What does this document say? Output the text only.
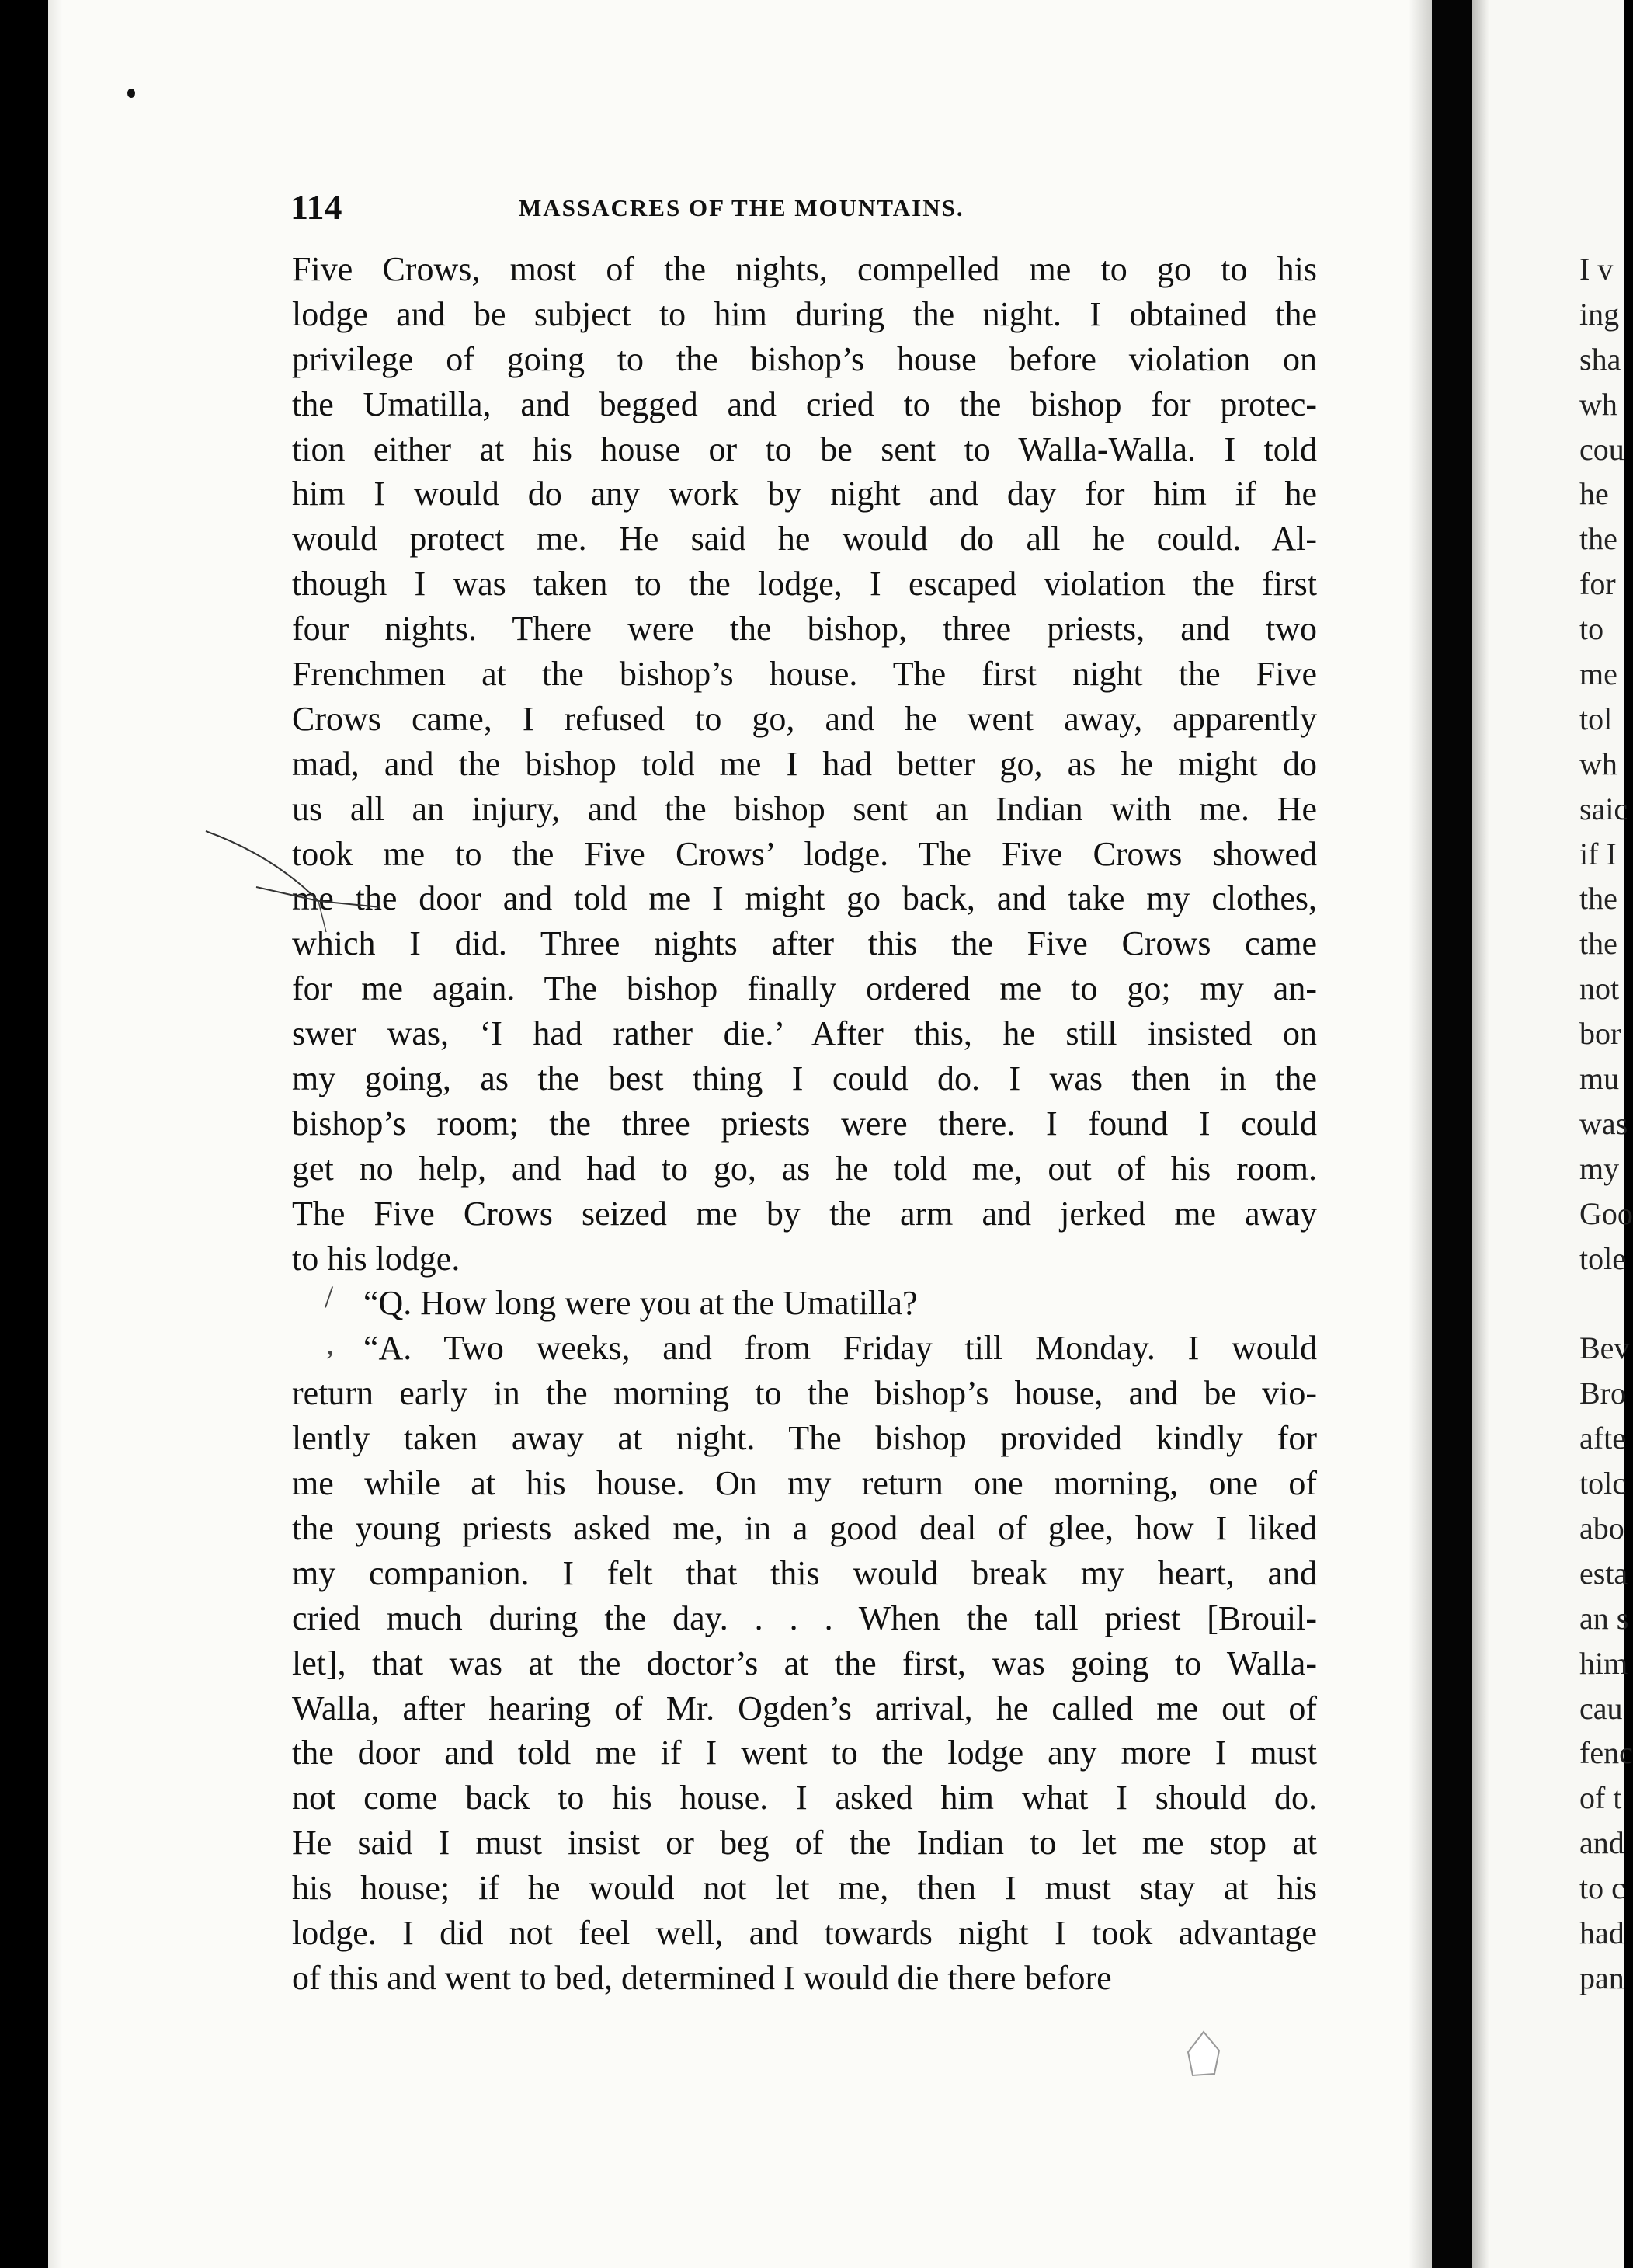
114	MASSACRES OF THE MOUNTAINS.
Five Crows, most of the nights, compelled me to go to his
lodge and be subject to him during the night. I obtained the
privilege of going to the bishop’s house before violation on
the Umatilla, and begged and cried to the bishop for protec-
tion either at his house or to be sent to Walla-Walla. I told
him I would do any work by night and day for him if he
would protect me. He said he would do all he could. Al-
though I was taken to the lodge, I escaped violation the first
four nights. There were the bishop, three priests, and two
Frenchmen at the bishop’s house. The first night the Five
Crows came, I refused to go, and he went away, apparently
mad, and the bishop told me I had better go, as he might do
us all an injury, and the bishop sent an Indian with me. He
took me to the Five Crows’ lodge. The Five Crows showed
me the door and told me I might go back, and take my clothes,
which I did. Three nights after this the Five Crows came
for me again. The bishop finally ordered me to go; my an-
swer was, ‘I had rather die.’ After this, he still insisted on
my going, as the best thing I could do. I was then in the
bishop’s room; the three priests were there. I found I could
get no help, and had to go, as he told me, out of his room.
The Five Crows seized me by the arm and jerked me away
to his lodge.
“Q. How long were you at the Umatilla?
“A. Two weeks, and from Friday till Monday. I would
return early in the morning to the bishop’s house, and be vio-
lently taken away at night. The bishop provided kindly for
me while at his house. On my return one morning, one of
the young priests asked me, in a good deal of glee, how I liked
my companion. I felt that this would break my heart, and
cried much during the day. . . . When the tall priest [Brouil-
let], that was at the doctor’s at the first, was going to Walla-
Walla, after hearing of Mr. Ogden’s arrival, he called me out of
the door and told me if I went to the lodge any more I must
not come back to his house. I asked him what I should do.
He said I must insist or beg of the Indian to let me stop at
his house; if he would not let me, then I must stay at his
lodge. I did not feel well, and towards night I took advantage
of this and went to bed, determined I would die there before
I v
ing
sha
wh
cou
he
the
for
to
me
tol
wh
saic
if I
the
the
not
bor
mu
was
my
Goo
tole
Bev
Bro
afte
tolc
abo
esta
an s
him
cau
fenc
of t
and
to c
had
pan
/
,
